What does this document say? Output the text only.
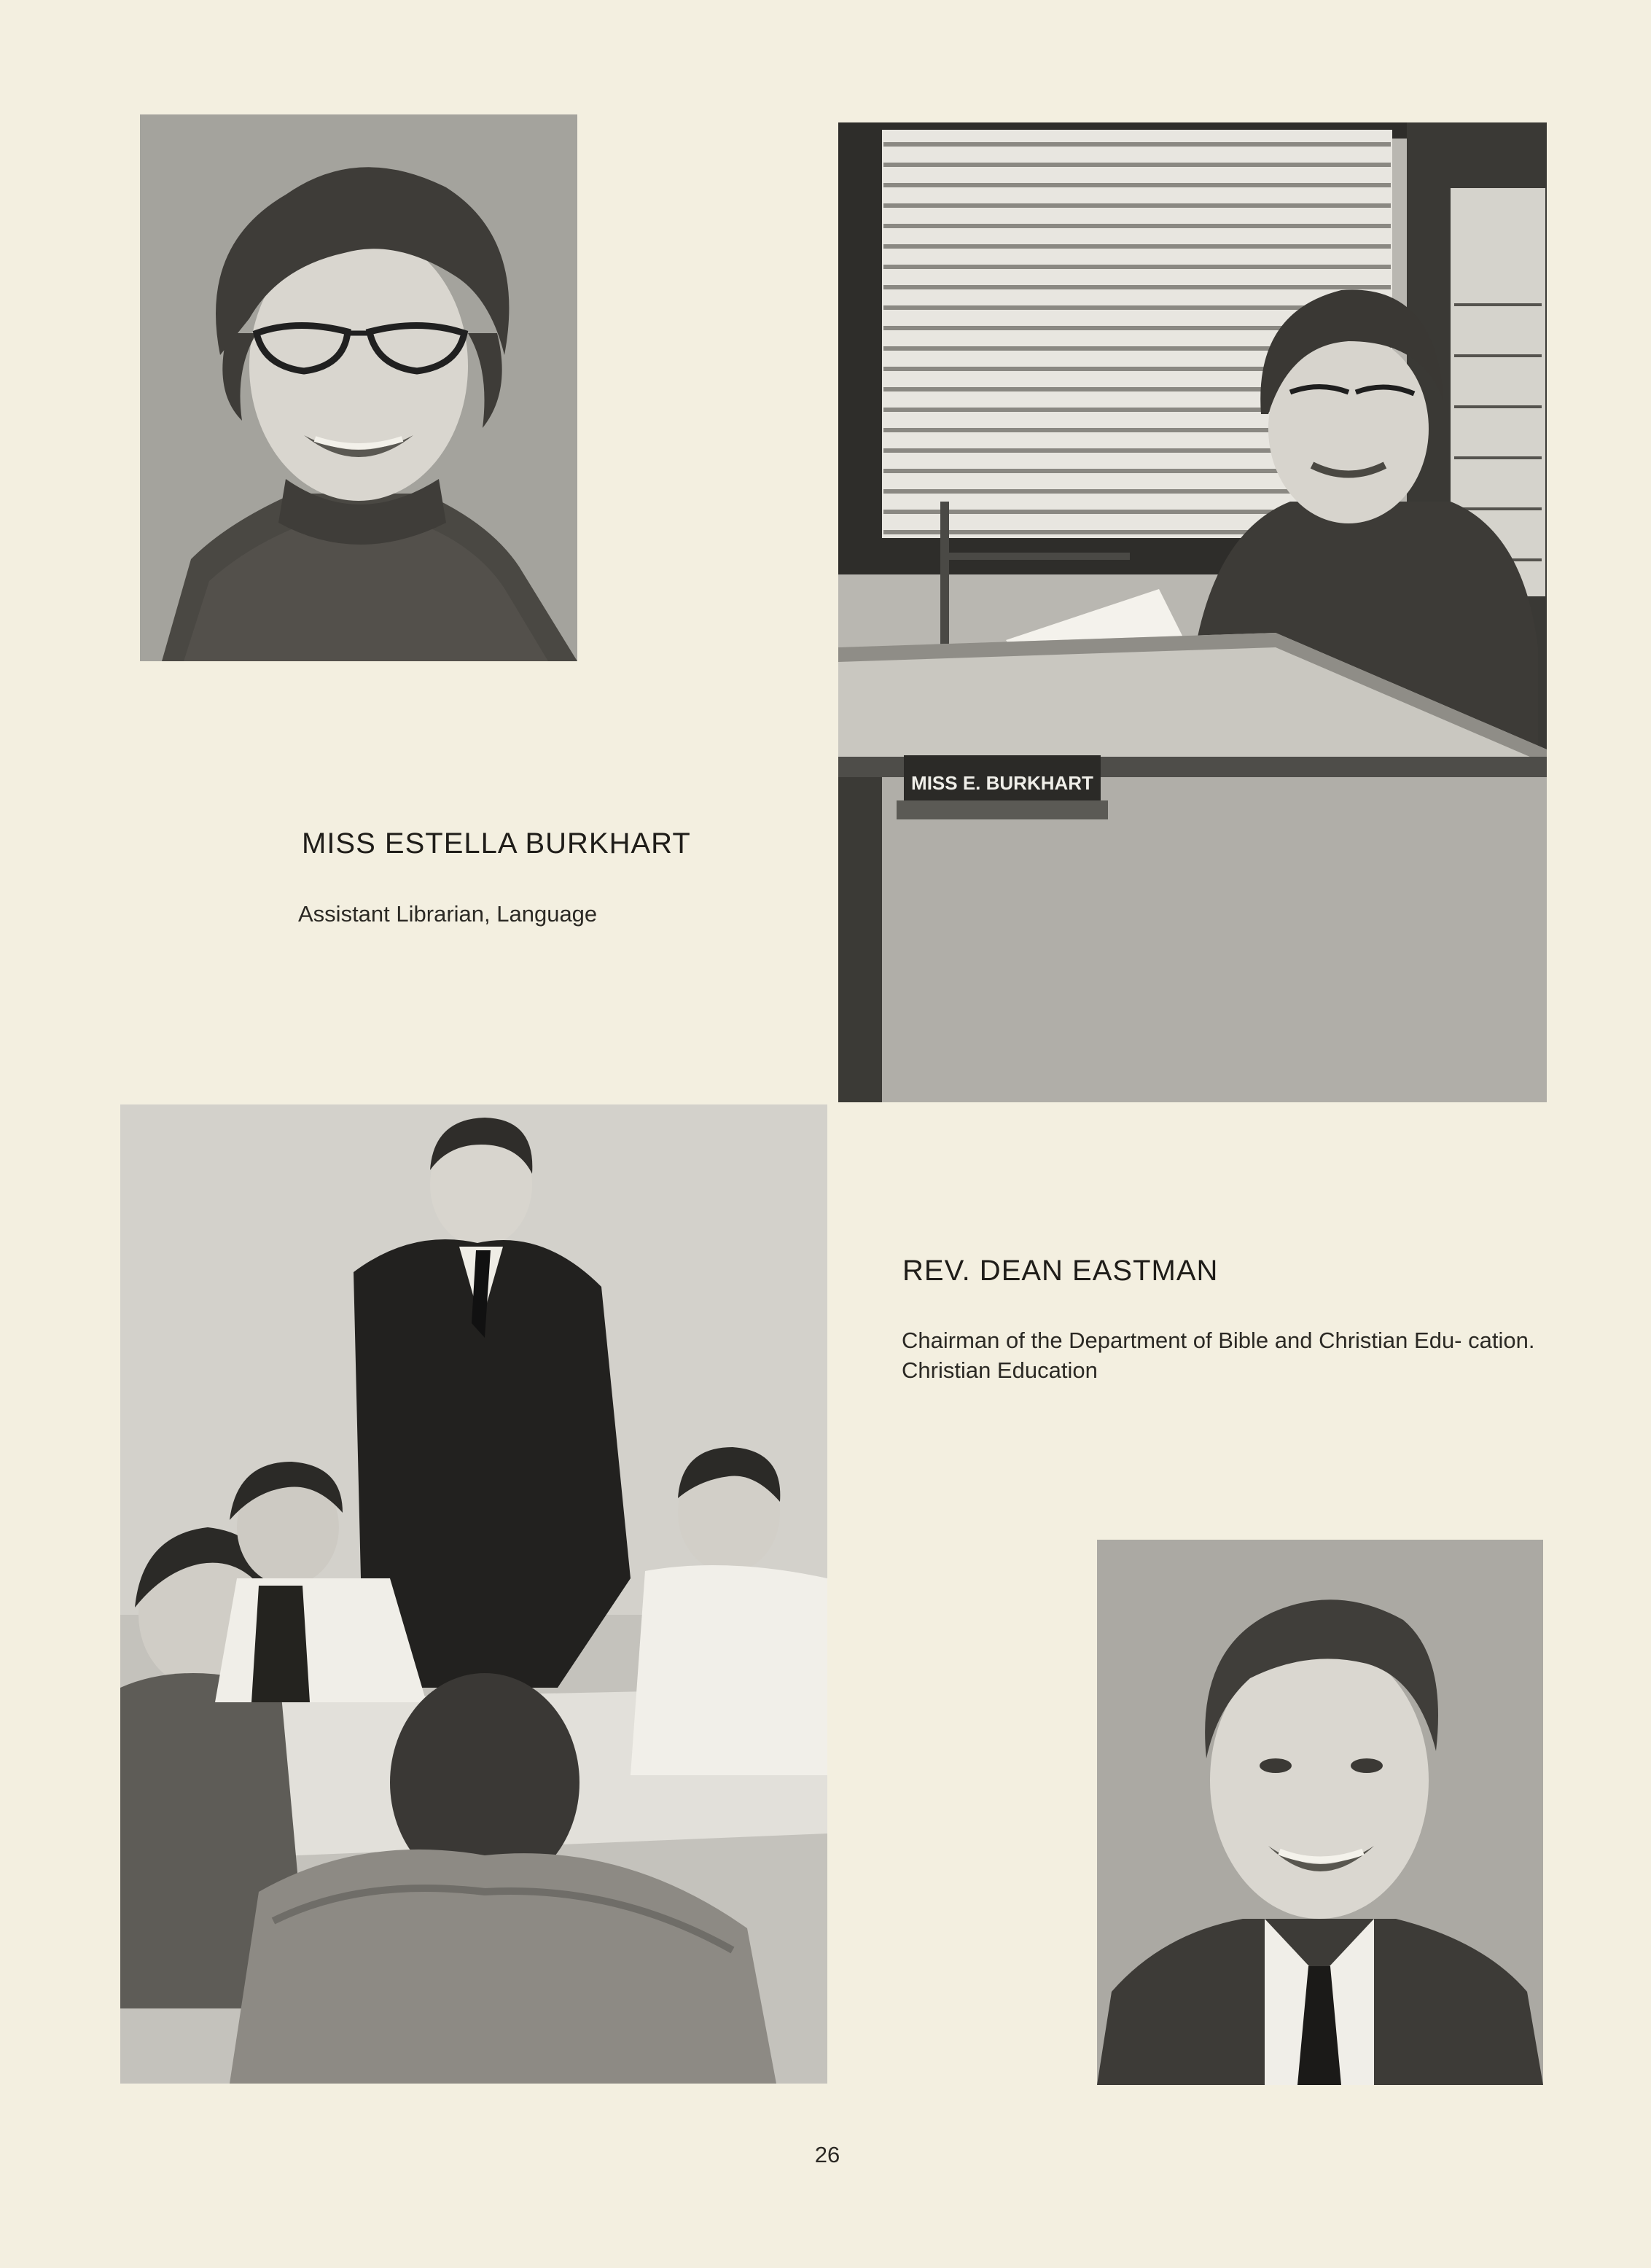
MISS E. BURKHART
MISS ESTELLA BURKHART
Assistant Librarian, Language
REV. DEAN EASTMAN
Chairman of the Department of Bible and Christian Edu- cation. Christian Education
26
